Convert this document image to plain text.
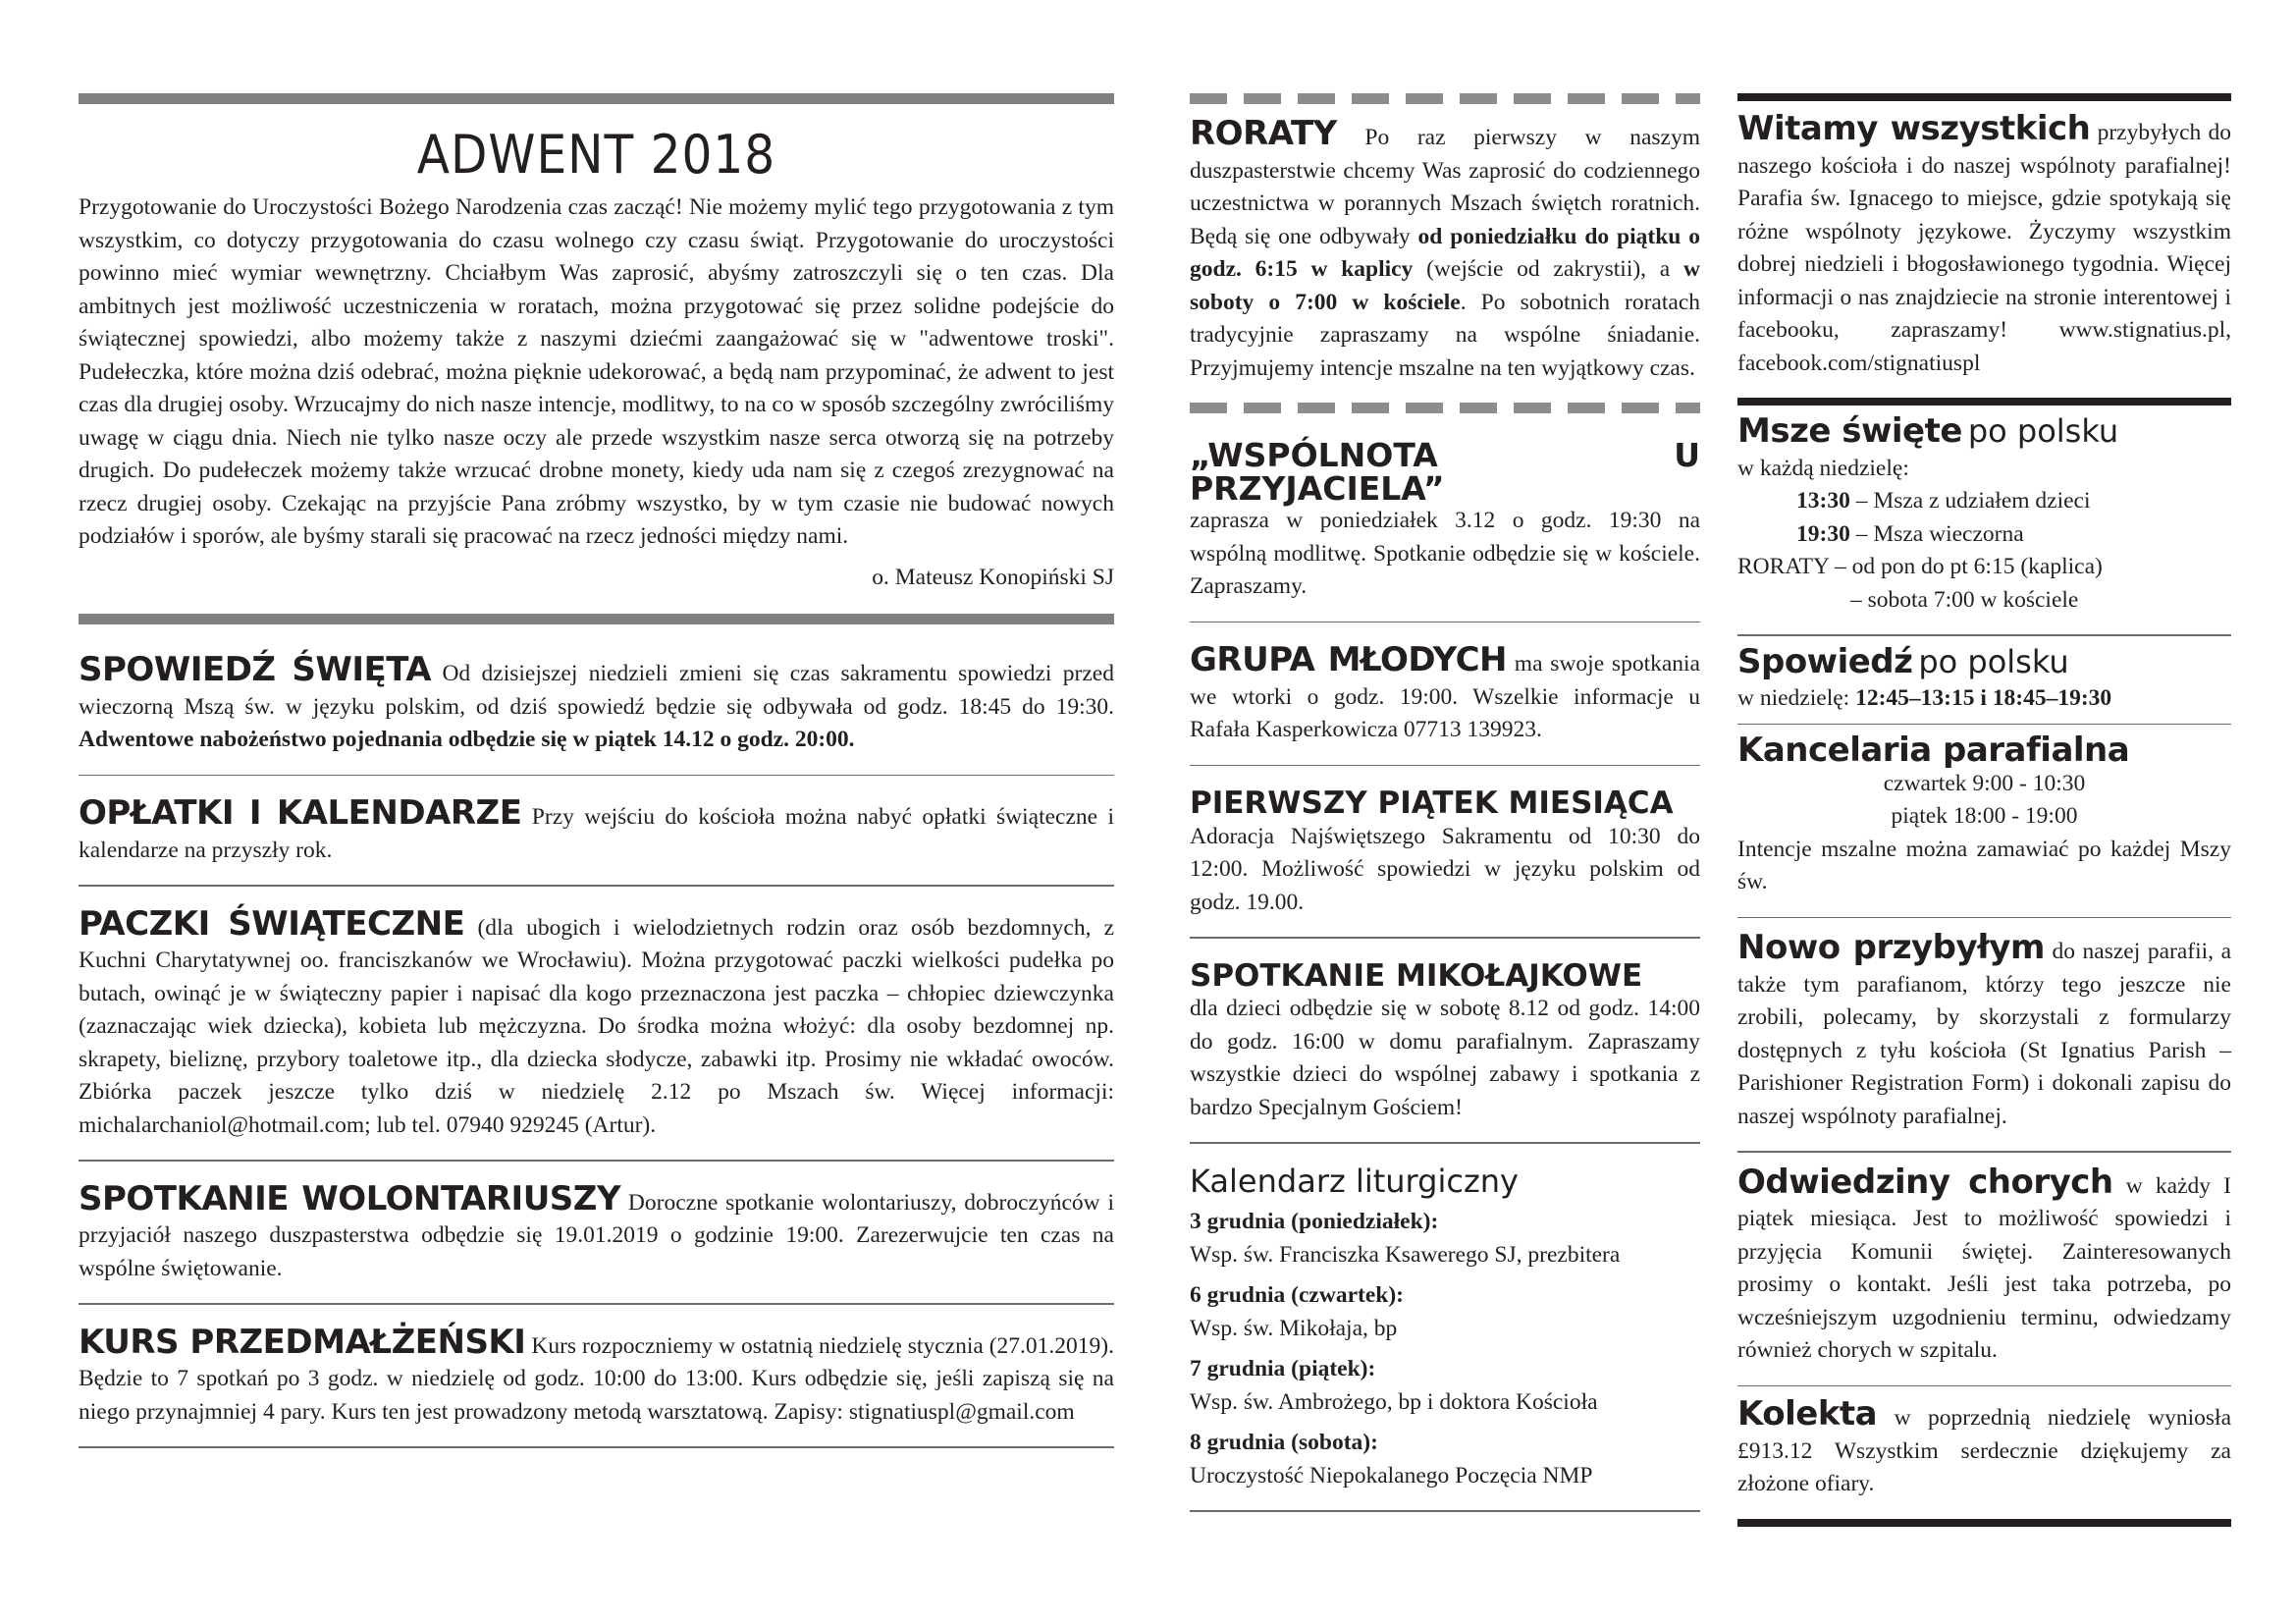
ADWENT 2018
Przygotowanie do Uroczystości Bożego Narodzenia czas zacząć! Nie możemy mylić tego przygotowania z tym wszystkim, co dotyczy przygotowania do czasu wolnego czy czasu świąt. Przygotowanie do uroczystości powinno mieć wymiar wewnętrzny. Chciałbym Was zaprosić, abyśmy zatroszczyli się o ten czas. Dla ambitnych jest możliwość uczestniczenia w roratach, można przygotować się przez solidne podejście do świątecznej spowiedzi, albo możemy także z naszymi dziećmi zaangażować się w "adwentowe troski". Pudełeczka, które można dziś odebrać, można pięknie udekorować, a będą nam przypominać, że adwent to jest czas dla drugiej osoby. Wrzucajmy do nich nasze intencje, modlitwy, to na co w sposób szczególny zwróciliśmy uwagę w ciągu dnia. Niech nie tylko nasze oczy ale przede wszystkim nasze serca otworzą się na potrzeby drugich. Do pudełeczek możemy także wrzucać drobne monety, kiedy uda nam się z czegoś zrezygnować na rzecz drugiej osoby. Czekając na przyjście Pana zróbmy wszystko, by w tym czasie nie budować nowych podziałów i sporów, ale byśmy starali się pracować na rzecz jedności między nami.
o. Mateusz Konopiński SJ
SPOWIEDŹ ŚWIĘTA Od dzisiejszej niedzieli zmieni się czas sakramentu spowiedzi przed wieczorną Mszą św. w języku polskim, od dziś spowiedź będzie się odbywała od godz. 18:45 do 19:30. Adwentowe nabożeństwo pojednania odbędzie się w piątek 14.12 o godz. 20:00.
OPŁATKI I KALENDARZE Przy wejściu do kościoła można nabyć opłatki świąteczne i kalendarze na przyszły rok.
PACZKI ŚWIĄTECZNE (dla ubogich i wielodzietnych rodzin oraz osób bezdomnych, z Kuchni Charytatywnej oo. franciszkanów we Wrocławiu). Można przygotować paczki wielkości pudełka po butach, owinąć je w świąteczny papier i napisać dla kogo przeznaczona jest paczka – chłopiec dziewczynka (zaznaczając wiek dziecka), kobieta lub mężczyzna. Do środka można włożyć: dla osoby bezdomnej np. skrapety, bieliznę, przybory toaletowe itp., dla dziecka słodycze, zabawki itp. Prosimy nie wkładać owoców. Zbiórka paczek jeszcze tylko dziś w niedzielę 2.12 po Mszach św. Więcej informacji: michalarchaniol@hotmail.com; lub tel. 07940 929245 (Artur).
SPOTKANIE WOLONTARIUSZY Doroczne spotkanie wolontariuszy, dobroczyńców i przyjaciół naszego duszpasterstwa odbędzie się 19.01.2019 o godzinie 19:00. Zarezerwujcie ten czas na wspólne świętowanie.
KURS PRZEDMAŁŻEŃSKI Kurs rozpoczniemy w ostatnią niedzielę stycznia (27.01.2019). Będzie to 7 spotkań po 3 godz. w niedzielę od godz. 10:00 do 13:00. Kurs odbędzie się, jeśli zapiszą się na niego przynajmniej 4 pary. Kurs ten jest prowadzony metodą warsztatową. Zapisy: stignatiuspl@gmail.com
RORATY Po raz pierwszy w naszym duszpasterstwie chcemy Was zaprosić do codziennego uczestnictwa w porannych Mszach świętch roratnich. Będą się one odbywały od poniedziałku do piątku o godz. 6:15 w kaplicy (wejście od zakrystii), a w soboty o 7:00 w kościele. Po sobotnich roratach tradycyjnie zapraszamy na wspólne śniadanie. Przyjmujemy intencje mszalne na ten wyjątkowy czas.
„WSPÓLNOTA U PRZYJACIELA”
zaprasza w poniedziałek 3.12 o godz. 19:30 na wspólną modlitwę. Spotkanie odbędzie się w kościele. Zapraszamy.
GRUPA MŁODYCH ma swoje spotkania we wtorki o godz. 19:00. Wszelkie informacje u Rafała Kasperkowicza 07713 139923.
PIERWSZY PIĄTEK MIESIĄCA
Adoracja Najświętszego Sakramentu od 10:30 do 12:00. Możliwość spowiedzi w języku polskim od godz. 19.00.
SPOTKANIE MIKOŁAJKOWE
dla dzieci odbędzie się w sobotę 8.12 od godz. 14:00 do godz. 16:00 w domu parafialnym. Zapraszamy wszystkie dzieci do wspólnej zabawy i spotkania z bardzo Specjalnym Gościem!
Kalendarz liturgiczny
3 grudnia (poniedziałek):
Wsp. św. Franciszka Ksawerego SJ, prezbitera
6 grudnia (czwartek):
Wsp. św. Mikołaja, bp
7 grudnia (piątek):
Wsp. św. Ambrożego, bp i doktora Kościoła
8 grudnia (sobota):
Uroczystość Niepokalanego Poczęcia NMP
Witamy wszystkich przybyłych do naszego kościoła i do naszej wspólnoty parafialnej! Parafia św. Ignacego to miejsce, gdzie spotykają się różne wspólnoty językowe. Życzymy wszystkim dobrej niedzieli i błogosławionego tygodnia. Więcej informacji o nas znajdziecie na stronie interentowej i facebooku, zapraszamy! www.stignatius.pl, facebook.com/stignatiuspl
Msze święte po polsku
w każdą niedzielę:
13:30 – Msza z udziałem dzieci
19:30 – Msza wieczorna
RORATY – od pon do pt 6:15 (kaplica)
– sobota 7:00 w kościele
Spowiedź po polsku
w niedzielę: 12:45–13:15 i 18:45–19:30
Kancelaria parafialna
czwartek 9:00 - 10:30
piątek 18:00 - 19:00
Intencje mszalne można zamawiać po każdej Mszy św.
Nowo przybyłym do naszej parafii, a także tym parafianom, którzy tego jeszcze nie zrobili, polecamy, by skorzystali z formularzy dostępnych z tyłu kościoła (St Ignatius Parish – Parishioner Registration Form) i dokonali zapisu do naszej wspólnoty parafialnej.
Odwiedziny chorych w każdy I piątek miesiąca. Jest to możliwość spowiedzi i przyjęcia Komunii świętej. Zainteresowanych prosimy o kontakt. Jeśli jest taka potrzeba, po wcześniejszym uzgodnieniu terminu, odwiedzamy również chorych w szpitalu.
Kolekta w poprzednią niedzielę wyniosła £913.12 Wszystkim serdecznie dziękujemy za złożone ofiary.
